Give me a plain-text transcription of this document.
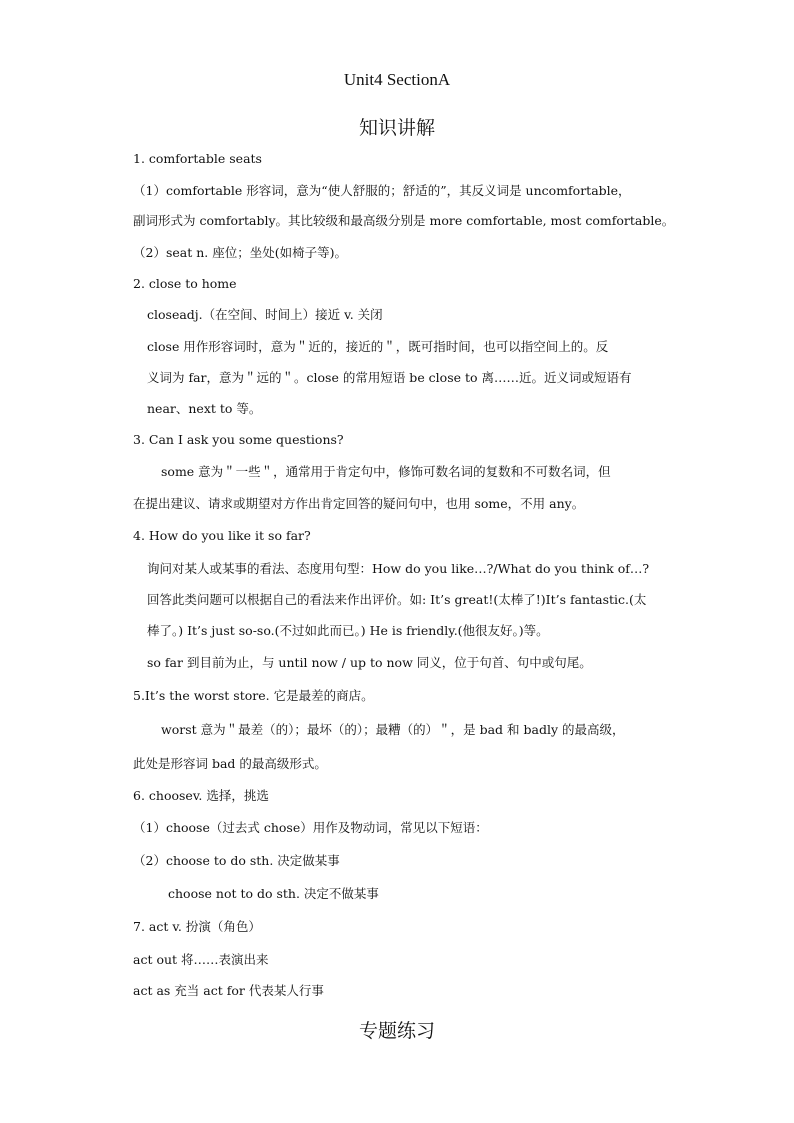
Unit4 SectionA
知识讲解

1. comfortable seats

（1）comfortable 形容词，意为“使人舒服的；舒适的”，其反义词是 uncomfortable，

副词形式为 comfortably。其比较级和最高级分别是 more comfortable, most comfortable。

（2）seat n. 座位；坐处(如椅子等)。

2. close to home

closeadj.（在空间、时间上）接近 v. 关闭

close 用作形容词时，意为＂近的，接近的＂，既可指时间，也可以指空间上的。反

义词为 far，意为＂远的＂。close 的常用短语 be close to 离……近。近义词或短语有

near、next to 等。

3. Can I ask you some questions?

some 意为＂一些＂，通常用于肯定句中，修饰可数名词的复数和不可数名词，但

在提出建议、请求或期望对方作出肯定回答的疑问句中，也用 some，不用 any。

4. How do you like it so far?

询问对某人或某事的看法、态度用句型：How do you like…?/What do you think of…?

回答此类问题可以根据自己的看法来作出评价。如: It’s great!(太棒了!)It’s fantastic.(太

棒了。) It’s just so-so.(不过如此而已。) He is friendly.(他很友好。)等。

so far 到目前为止，与 until now / up to now 同义，位于句首、句中或句尾。

5.It’s the worst store. 它是最差的商店。

worst 意为＂最差（的）；最坏（的）；最糟（的）＂，是 bad 和 badly 的最高级，

此处是形容词 bad 的最高级形式。

6. choosev. 选择，挑选

（1）choose（过去式 chose）用作及物动词，常见以下短语：

（2）choose to do sth. 决定做某事

choose not to do sth. 决定不做某事

7. act v. 扮演（角色）

act out 将……表演出来

act as 充当 act for 代表某人行事

专题练习
